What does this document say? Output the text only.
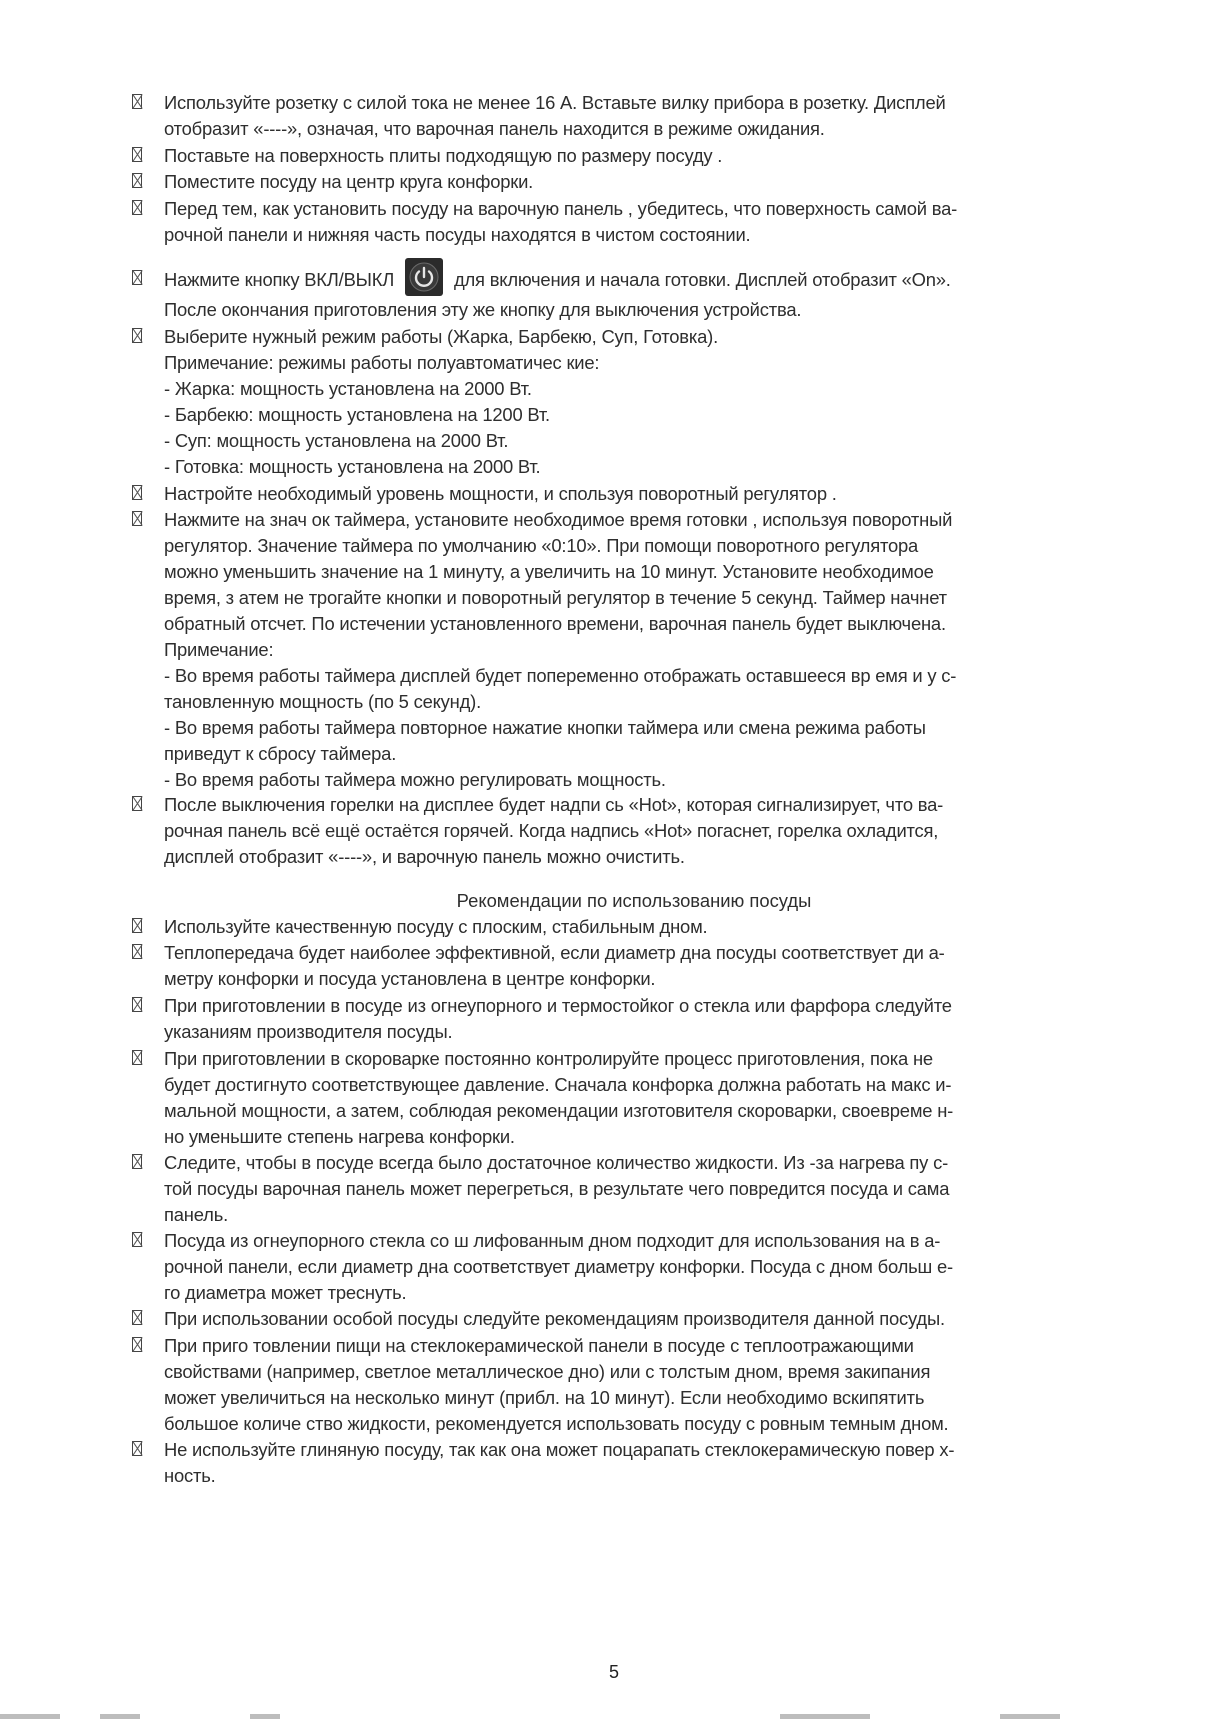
Используйте розетку с силой тока не менее 16 А. Вставьте вилку прибора в розетку. Дисплей
отобразит «----», означая, что варочная панель находится в режиме ожидания.
Поставьте на поверхность плиты подходящую по размеру посуду .
Поместите посуду на центр круга конфорки.
Перед тем, как установить посуду на варочную панель , убедитесь, что поверхность самой ва-
рочной панели и нижняя часть посуды находятся в чистом состоянии.
Нажмите кнопку ВКЛ/ВЫКЛ	для включения и начала готовки. Дисплей отобразит «On».
После окончания приготовления эту же кнопку для выключения устройства.
Выберите нужный режим работы (Жарка, Барбекю, Суп, Готовка).
Примечание: режимы работы полуавтоматичес кие:
- Жарка: мощность установлена на 2000 Вт.
- Барбекю: мощность установлена на 1200 Вт.
- Суп: мощность установлена на 2000 Вт.
- Готовка: мощность установлена на 2000 Вт.
Настройте необходимый уровень мощности, и спользуя поворотный регулятор .
Нажмите на знач ок таймера, установите необходимое время готовки , используя поворотный
регулятор. Значение таймера по умолчанию «0:10». При помощи поворотного регулятора
можно уменьшить значение на 1 минуту, а увеличить на 10 минут. Установите необходимое
время, з атем не трогайте кнопки и поворотный регулятор в течение 5 секунд. Таймер начнет
обратный отсчет. По истечении установленного времени, варочная панель будет выключена.
Примечание:
- Во время работы таймера дисплей будет попеременно отображать оставшееся вр емя и у с-
тановленную мощность (по 5 секунд).
- Во время работы таймера повторное нажатие кнопки таймера или смена режима работы
приведут к сбросу таймера.
- Во время работы таймера можно регулировать мощность.
После выключения горелки на дисплее будет надпи сь «Hot», которая сигнализирует, что ва-
рочная панель всё ещё остаётся горячей. Когда надпись «Hot» погаснет, горелка охладится,
дисплей отобразит «----», и варочную панель можно очистить.
Рекомендации по использованию посуды
Используйте качественную посуду с плоским, стабильным дном.
Теплопередача будет наиболее эффективной, если диаметр дна посуды соответствует ди а-
метру конфорки и посуда установлена в центре конфорки.
При приготовлении в посуде из огнеупорного и термостойког о стекла или фарфора следуйте
указаниям производителя посуды.
При приготовлении в скороварке постоянно контролируйте процесс приготовления, пока не
будет достигнуто соответствующее давление. Сначала конфорка должна работать на макс и-
мальной мощности, а затем, соблюдая рекомендации изготовителя скороварки, своевреме н-
но уменьшите степень нагрева конфорки.
Следите, чтобы в посуде всегда было достаточное количество жидкости. Из -за нагрева пу с-
той посуды варочная панель может перегреться, в результате чего повредится посуда и сама
панель.
Посуда из огнеупорного стекла со ш лифованным дном подходит для использования на в а-
рочной панели, если диаметр дна соответствует диаметру конфорки. Посуда с дном больш е-
го диаметра может треснуть.
При использовании особой посуды следуйте рекомендациям производителя данной посуды.
При приго товлении пищи на стеклокерамической панели в посуде с теплоотражающими
свойствами (например, светлое металлическое дно) или с толстым дном, время закипания
может увеличиться на несколько минут (прибл. на 10 минут). Если необходимо вскипятить
большое количе ство жидкости, рекомендуется использовать посуду с ровным темным дном.
Не используйте глиняную посуду, так как она может поцарапать стеклокерамическую повер х-
ность.
5
